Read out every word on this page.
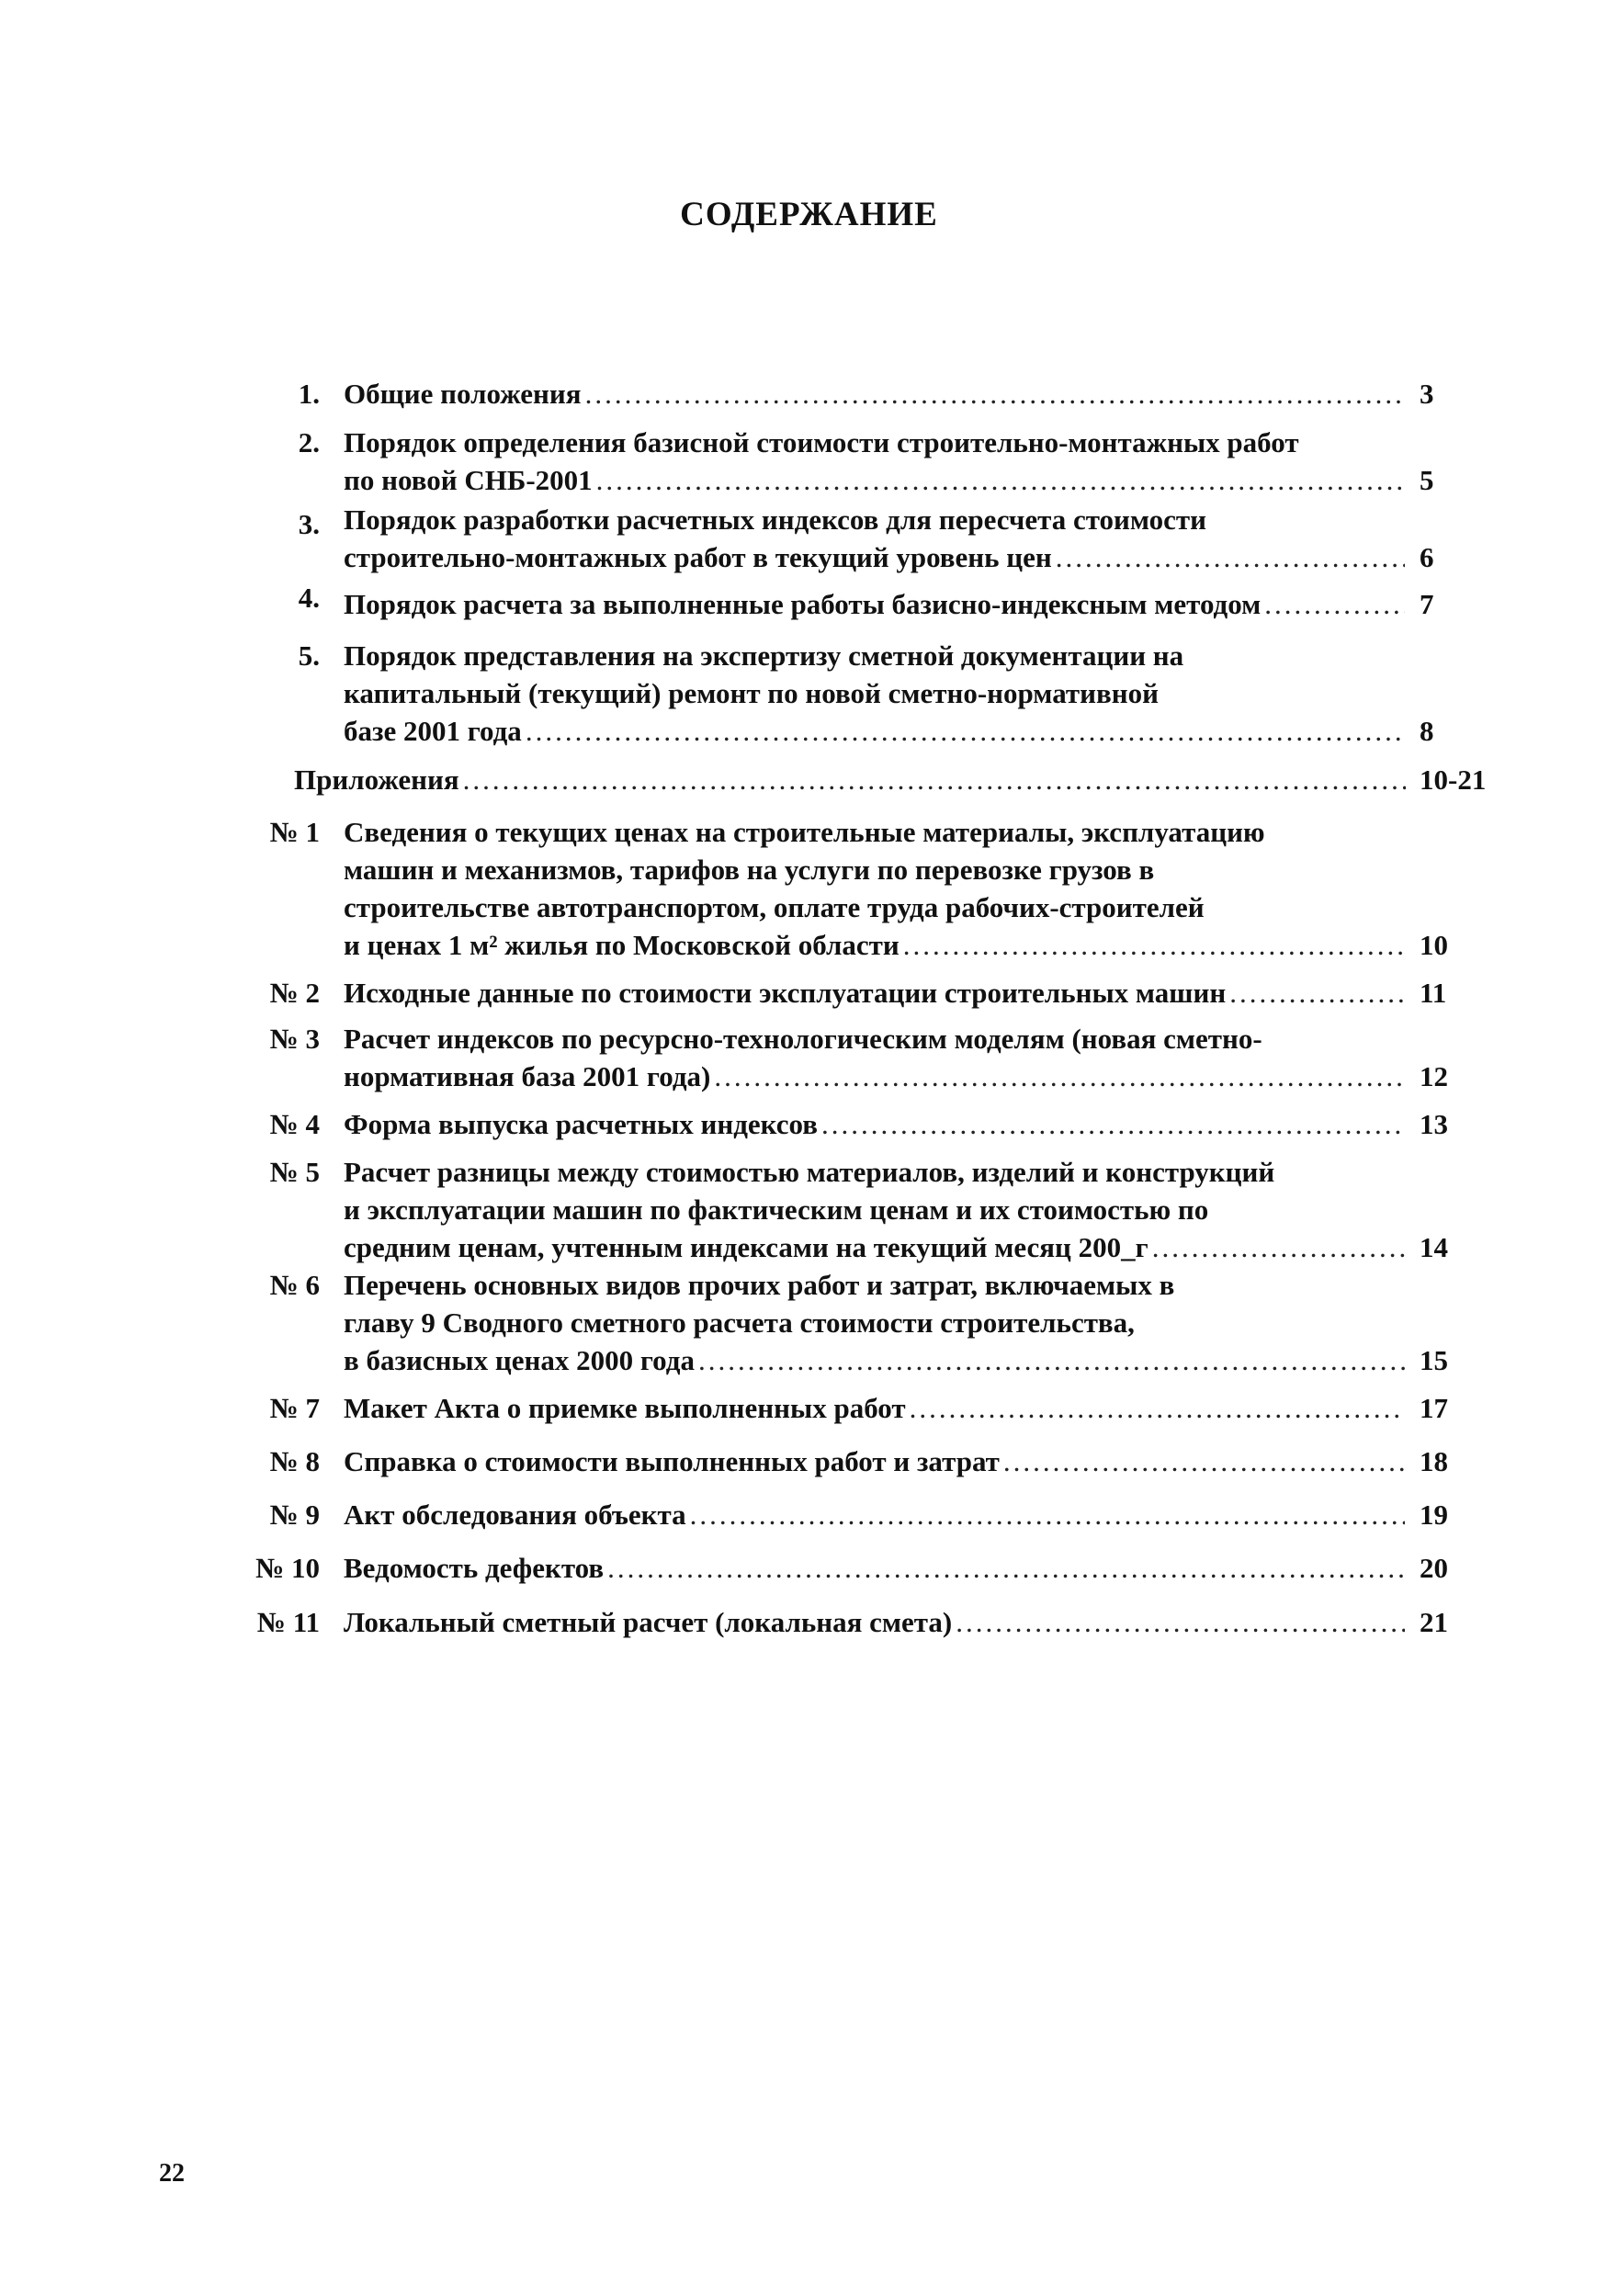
СОДЕРЖАНИЕ
1. Общие положения .....	3
2. Порядок определения базисной стоимости строительно-монтажных работ
по новой СНБ-2001 .....	5
3. Порядок разработки расчетных индексов для пересчета стоимости
строительно-монтажных работ в текущий уровень цен .....	6
4. Порядок расчета за выполненные работы базисно-индексным методом .....	7
5. Порядок представления на экспертизу сметной документации на
капитальный (текущий) ремонт по новой сметно-нормативной
базе 2001 года .....	8
Приложения .....	10-21
№ 1 Сведения о текущих ценах на строительные материалы, эксплуатацию
машин и механизмов, тарифов на услуги по перевозке грузов в
строительстве автотранспортом, оплате труда рабочих-строителей
и ценах 1 м² жилья по Московской области .....	10
№ 2 Исходные данные по стоимости эксплуатации строительных машин .....	11
№ 3 Расчет индексов по ресурсно-технологическим моделям (новая сметно-
нормативная база 2001 года) .....	12
№ 4 Форма выпуска расчетных индексов .....	13
№ 5 Расчет разницы между стоимостью материалов, изделий и конструкций
и эксплуатации машин по фактическим ценам и их стоимостью по
средним ценам, учтенным индексами на текущий месяц 200_г .....	14
№ 6 Перечень основных видов прочих работ и затрат, включаемых в
главу 9 Сводного сметного расчета стоимости строительства,
в базисных ценах 2000 года .....	15
№ 7 Макет Акта о приемке выполненных работ .....	17
№ 8 Справка о стоимости выполненных работ и затрат .....	18
№ 9 Акт обследования объекта .....	19
№ 10 Ведомость дефектов .....	20
№ 11 Локальный сметный расчет (локальная смета) .....	21
22
